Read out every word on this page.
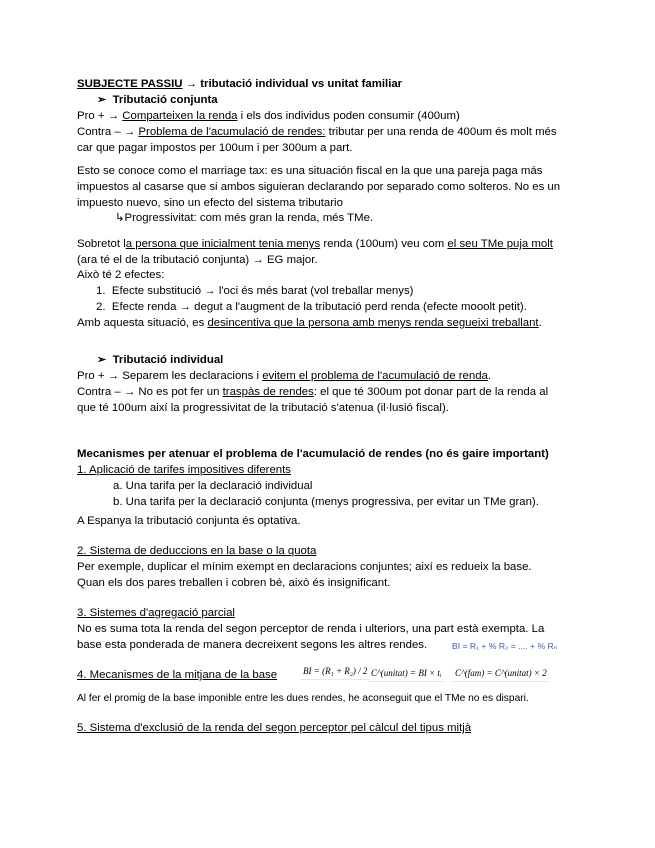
SUBJECTE PASSIU → tributació individual vs unitat familiar
➢ Tributació conjunta
Pro + → Comparteixen la renda i els dos individus poden consumir (400um)
Contra – → Problema de l'acumulació de rendes: tributar per una renda de 400um és molt més
car que pagar impostos per 100um i per 300um a part.
Esto se conoce como el marriage tax: es una situación fiscal en la que una pareja paga más
impuestos al casarse que si ambos siguieran declarando por separado como solteros. No es un
impuesto nuevo, sino un efecto del sistema tributario
↳Progressivitat: com més gran la renda, més TMe.
Sobretot la persona que inicialment tenia menys renda (100um) veu com el seu TMe puja molt
(ara té el de la tributació conjunta) → EG major.
Això té 2 efectes:
1. Efecte substitució → l'oci és més barat (vol treballar menys)
2. Efecte renda → degut a l'augment de la tributació perd renda (efecte mooolt petit).
Amb aquesta situació, es desincentiva que la persona amb menys renda segueixi treballant.
➢ Tributació individual
Pro + → Separem les declaracions i evitem el problema de l'acumulació de renda.
Contra – → No es pot fer un traspàs de rendes: el que té 300um pot donar part de la renda al
que té 100um així la progressivitat de la tributació s'atenua (il·lusió fiscal).
Mecanismes per atenuar el problema de l'acumulació de rendes (no és gaire important)
1. Aplicació de tarifes impositives diferents
a. Una tarifa per la declaració individual
b. Una tarifa per la declaració conjunta (menys progressiva, per evitar un TMe gran).
A Espanya la tributació conjunta és optativa.
2. Sistema de deduccions en la base o la quota
Per exemple, duplicar el mínim exempt en declaracions conjuntes; així es redueix la base.
Quan els dos pares treballen i cobren bé, això és insignificant.
3. Sistemes d'agregació parcial
No es suma tota la renda del segon perceptor de renda i ulteriors, una part està exempta. La
base esta ponderada de manera decreixent segons les altres rendes.	BI = R₁ + % R₂ = .... + % Rₙ
4. Mecanismes de la mitjana de la base	BI = (R₁ + R₂) / 2 C^(unitat) = BI × tᵢ	C^(fam) = C^(unitat) × 2
Al fer el promig de la base imponible entre les dues rendes, he aconseguit que el TMe no es dispari.
5. Sistema d'exclusió de la renda del segon perceptor pel càlcul del tipus mitjà
